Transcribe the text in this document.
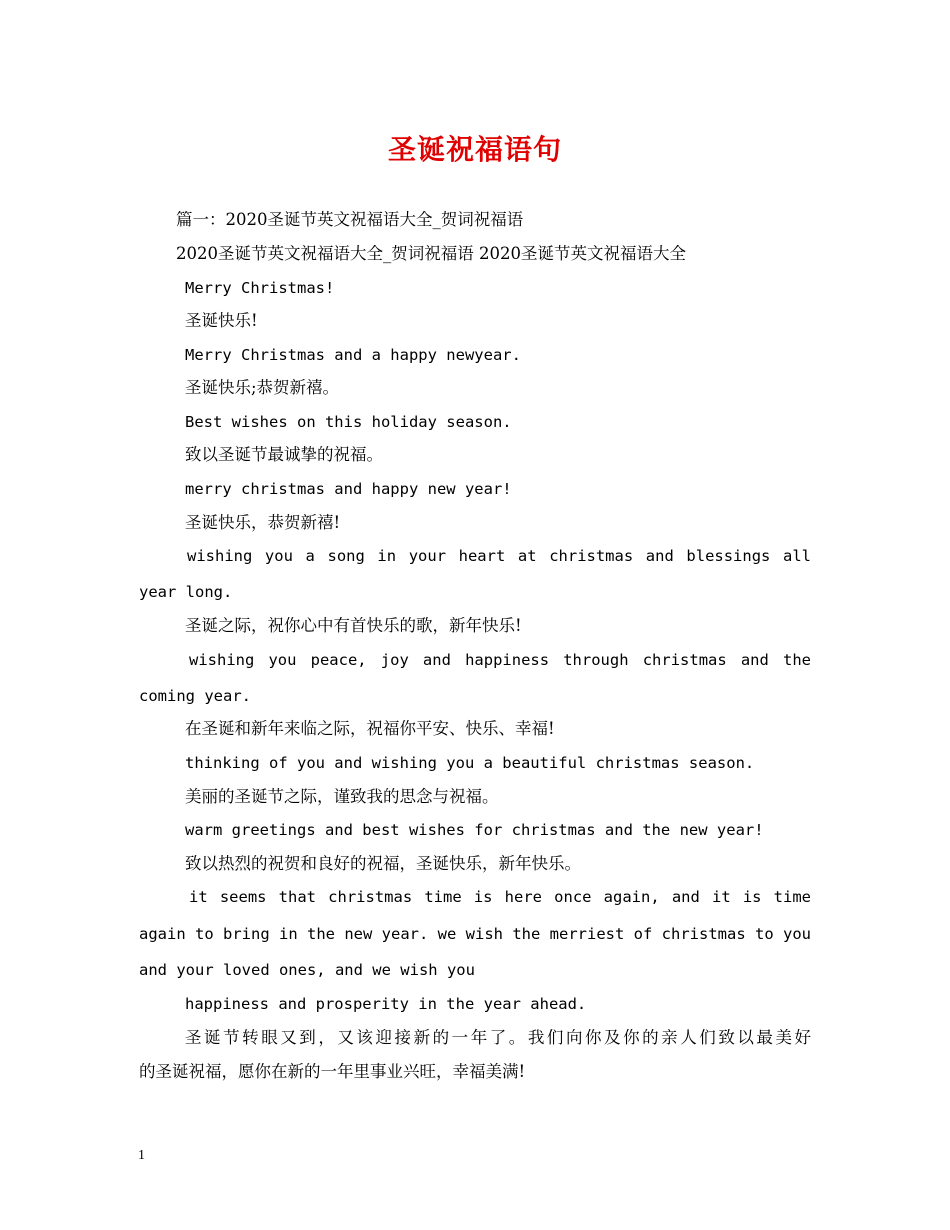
圣诞祝福语句
篇一：2020圣诞节英文祝福语大全_贺词祝福语
2020圣诞节英文祝福语大全_贺词祝福语 2020圣诞节英文祝福语大全
Merry Christmas!
圣诞快乐!
Merry Christmas and a happy newyear.
圣诞快乐;恭贺新禧。
Best wishes on this holiday season.
致以圣诞节最诚挚的祝福。
merry christmas and happy new year!
圣诞快乐，恭贺新禧!
wishing you a song in your heart at christmas and blessings all
year long.
圣诞之际，祝你心中有首快乐的歌，新年快乐!
wishing you peace, joy and happiness through christmas and the
coming year.
在圣诞和新年来临之际，祝福你平安、快乐、幸福!
thinking of you and wishing you a beautiful christmas season.
美丽的圣诞节之际，谨致我的思念与祝福。
warm greetings and best wishes for christmas and the new year!
致以热烈的祝贺和良好的祝福，圣诞快乐，新年快乐。
it seems that christmas time is here once again, and it is time
again to bring in the new year. we wish the merriest of christmas to you
and your loved ones, and we wish you
happiness and prosperity in the year ahead.
圣诞节转眼又到，又该迎接新的一年了。我们向你及你的亲人们致以最美好
的圣诞祝福，愿你在新的一年里事业兴旺，幸福美满!
1
